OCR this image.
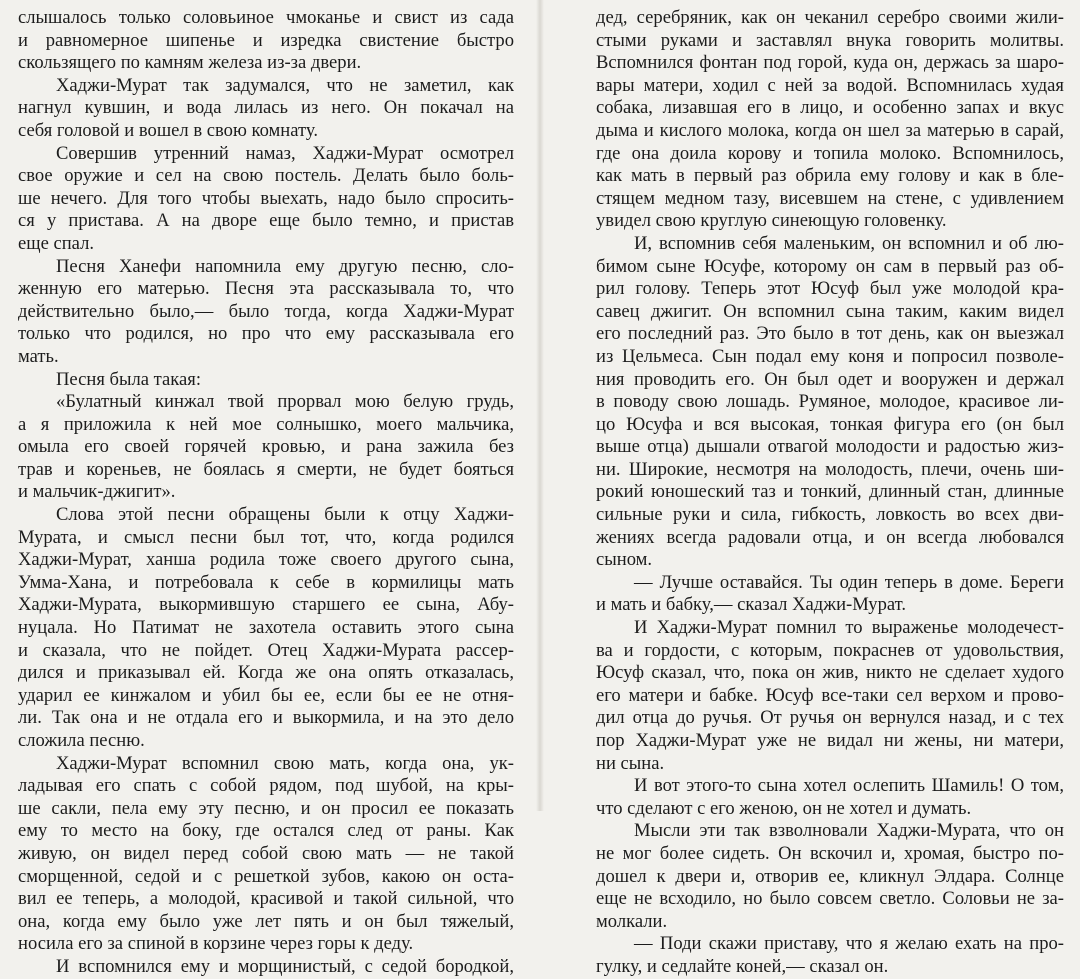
слышалось только соловьиное чмоканье и свист из сада
и равномерное шипенье и изредка свистение быстро
скользящего по камням железа из-за двери.
Хаджи-Мурат так задумался, что не заметил, как
нагнул кувшин, и вода лилась из него. Он покачал на
себя головой и вошел в свою комнату.
Совершив утренний намаз, Хаджи-Мурат осмотрел
свое оружие и сел на свою постель. Делать было боль-
ше нечего. Для того чтобы выехать, надо было спросить-
ся у пристава. А на дворе еще было темно, и пристав
еще спал.
Песня Ханефи напомнила ему другую песню, сло-
женную его матерью. Песня эта рассказывала то, что
действительно было,— было тогда, когда Хаджи-Мурат
только что родился, но про что ему рассказывала его
мать.
Песня была такая:
«Булатный кинжал твой прорвал мою белую грудь,
а я приложила к ней мое солнышко, моего мальчика,
омыла его своей горячей кровью, и рана зажила без
трав и кореньев, не боялась я смерти, не будет бояться
и мальчик-джигит».
Слова этой песни обращены были к отцу Хаджи-
Мурата, и смысл песни был тот, что, когда родился
Хаджи-Мурат, ханша родила тоже своего другого сына,
Умма-Хана, и потребовала к себе в кормилицы мать
Хаджи-Мурата, выкормившую старшего ее сына, Абу-
нуцала. Но Патимат не захотела оставить этого сына
и сказала, что не пойдет. Отец Хаджи-Мурата рассер-
дился и приказывал ей. Когда же она опять отказалась,
ударил ее кинжалом и убил бы ее, если бы ее не отня-
ли. Так она и не отдала его и выкормила, и на это дело
сложила песню.
Хаджи-Мурат вспомнил свою мать, когда она, ук-
ладывая его спать с собой рядом, под шубой, на кры-
ше сакли, пела ему эту песню, и он просил ее показать
ему то место на боку, где остался след от раны. Как
живую, он видел перед собой свою мать — не такой
сморщенной, седой и с решеткой зубов, какою он оста-
вил ее теперь, а молодой, красивой и такой сильной, что
она, когда ему было уже лет пять и он был тяжелый,
носила его за спиной в корзине через горы к деду.
И вспомнился ему и морщинистый, с седой бородкой,
дед, серебряник, как он чеканил серебро своими жили-
стыми руками и заставлял внука говорить молитвы.
Вспомнился фонтан под горой, куда он, держась за шаро-
вары матери, ходил с ней за водой. Вспомнилась худая
собака, лизавшая его в лицо, и особенно запах и вкус
дыма и кислого молока, когда он шел за матерью в сарай,
где она доила корову и топила молоко. Вспомнилось,
как мать в первый раз обрила ему голову и как в бле-
стящем медном тазу, висевшем на стене, с удивлением
увидел свою круглую синеющую головенку.
И, вспомнив себя маленьким, он вспомнил и об лю-
бимом сыне Юсуфе, которому он сам в первый раз об-
рил голову. Теперь этот Юсуф был уже молодой кра-
савец джигит. Он вспомнил сына таким, каким видел
его последний раз. Это было в тот день, как он выезжал
из Цельмеса. Сын подал ему коня и попросил позволе-
ния проводить его. Он был одет и вооружен и держал
в поводу свою лошадь. Румяное, молодое, красивое ли-
цо Юсуфа и вся высокая, тонкая фигура его (он был
выше отца) дышали отвагой молодости и радостью жиз-
ни. Широкие, несмотря на молодость, плечи, очень ши-
рокий юношеский таз и тонкий, длинный стан, длинные
сильные руки и сила, гибкость, ловкость во всех дви-
жениях всегда радовали отца, и он всегда любовался
сыном.
— Лучше оставайся. Ты один теперь в доме. Береги
и мать и бабку,— сказал Хаджи-Мурат.
И Хаджи-Мурат помнил то выраженье молодечест-
ва и гордости, с которым, покраснев от удовольствия,
Юсуф сказал, что, пока он жив, никто не сделает худого
его матери и бабке. Юсуф все-таки сел верхом и прово-
дил отца до ручья. От ручья он вернулся назад, и с тех
пор Хаджи-Мурат уже не видал ни жены, ни матери,
ни сына.
И вот этого-то сына хотел ослепить Шамиль! О том,
что сделают с его женою, он не хотел и думать.
Мысли эти так взволновали Хаджи-Мурата, что он
не мог более сидеть. Он вскочил и, хромая, быстро по-
дошел к двери и, отворив ее, кликнул Элдара. Солнце
еще не всходило, но было совсем светло. Соловьи не за-
молкали.
— Поди скажи приставу, что я желаю ехать на про-
гулку, и седлайте коней,— сказал он.
